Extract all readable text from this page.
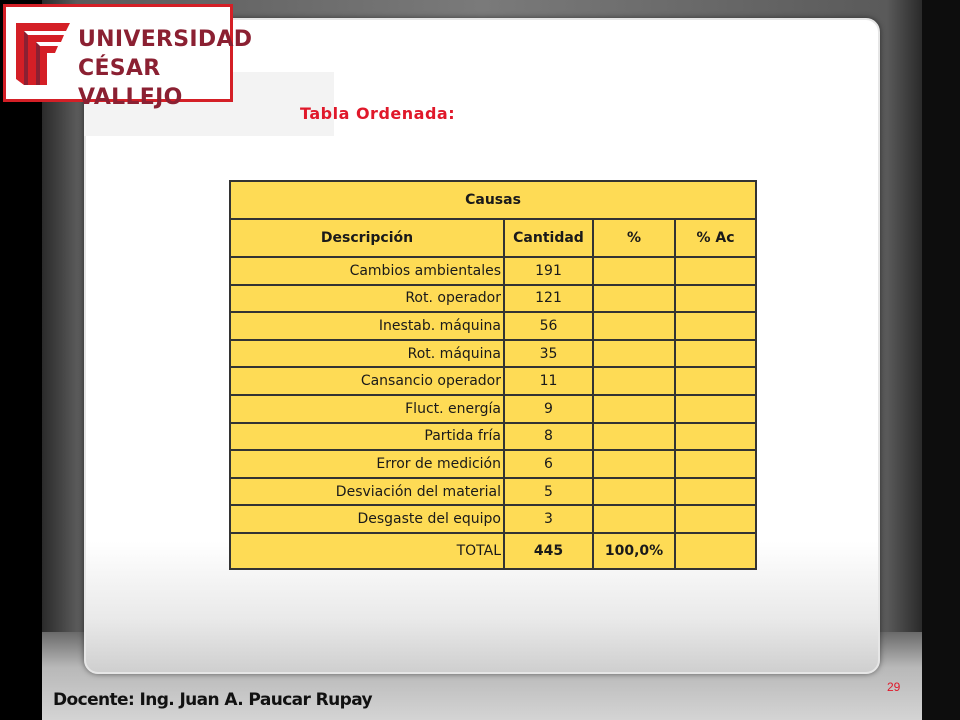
UNIVERSIDAD
CÉSAR VALLEJO
Tabla Ordenada:
Causas			
Descripción	Cantidad	%	% Ac
Cambios ambientales	191		
Rot. operador	121		
Inestab. máquina	56		
Rot. máquina	35		
Cansancio operador	11		
Fluct. energía	9		
Partida fría	8		
Error de medición	6		
Desviación del material	5		
Desgaste del equipo	3		
TOTAL	445	100,0%	
29
Docente: Ing. Juan A. Paucar Rupay
